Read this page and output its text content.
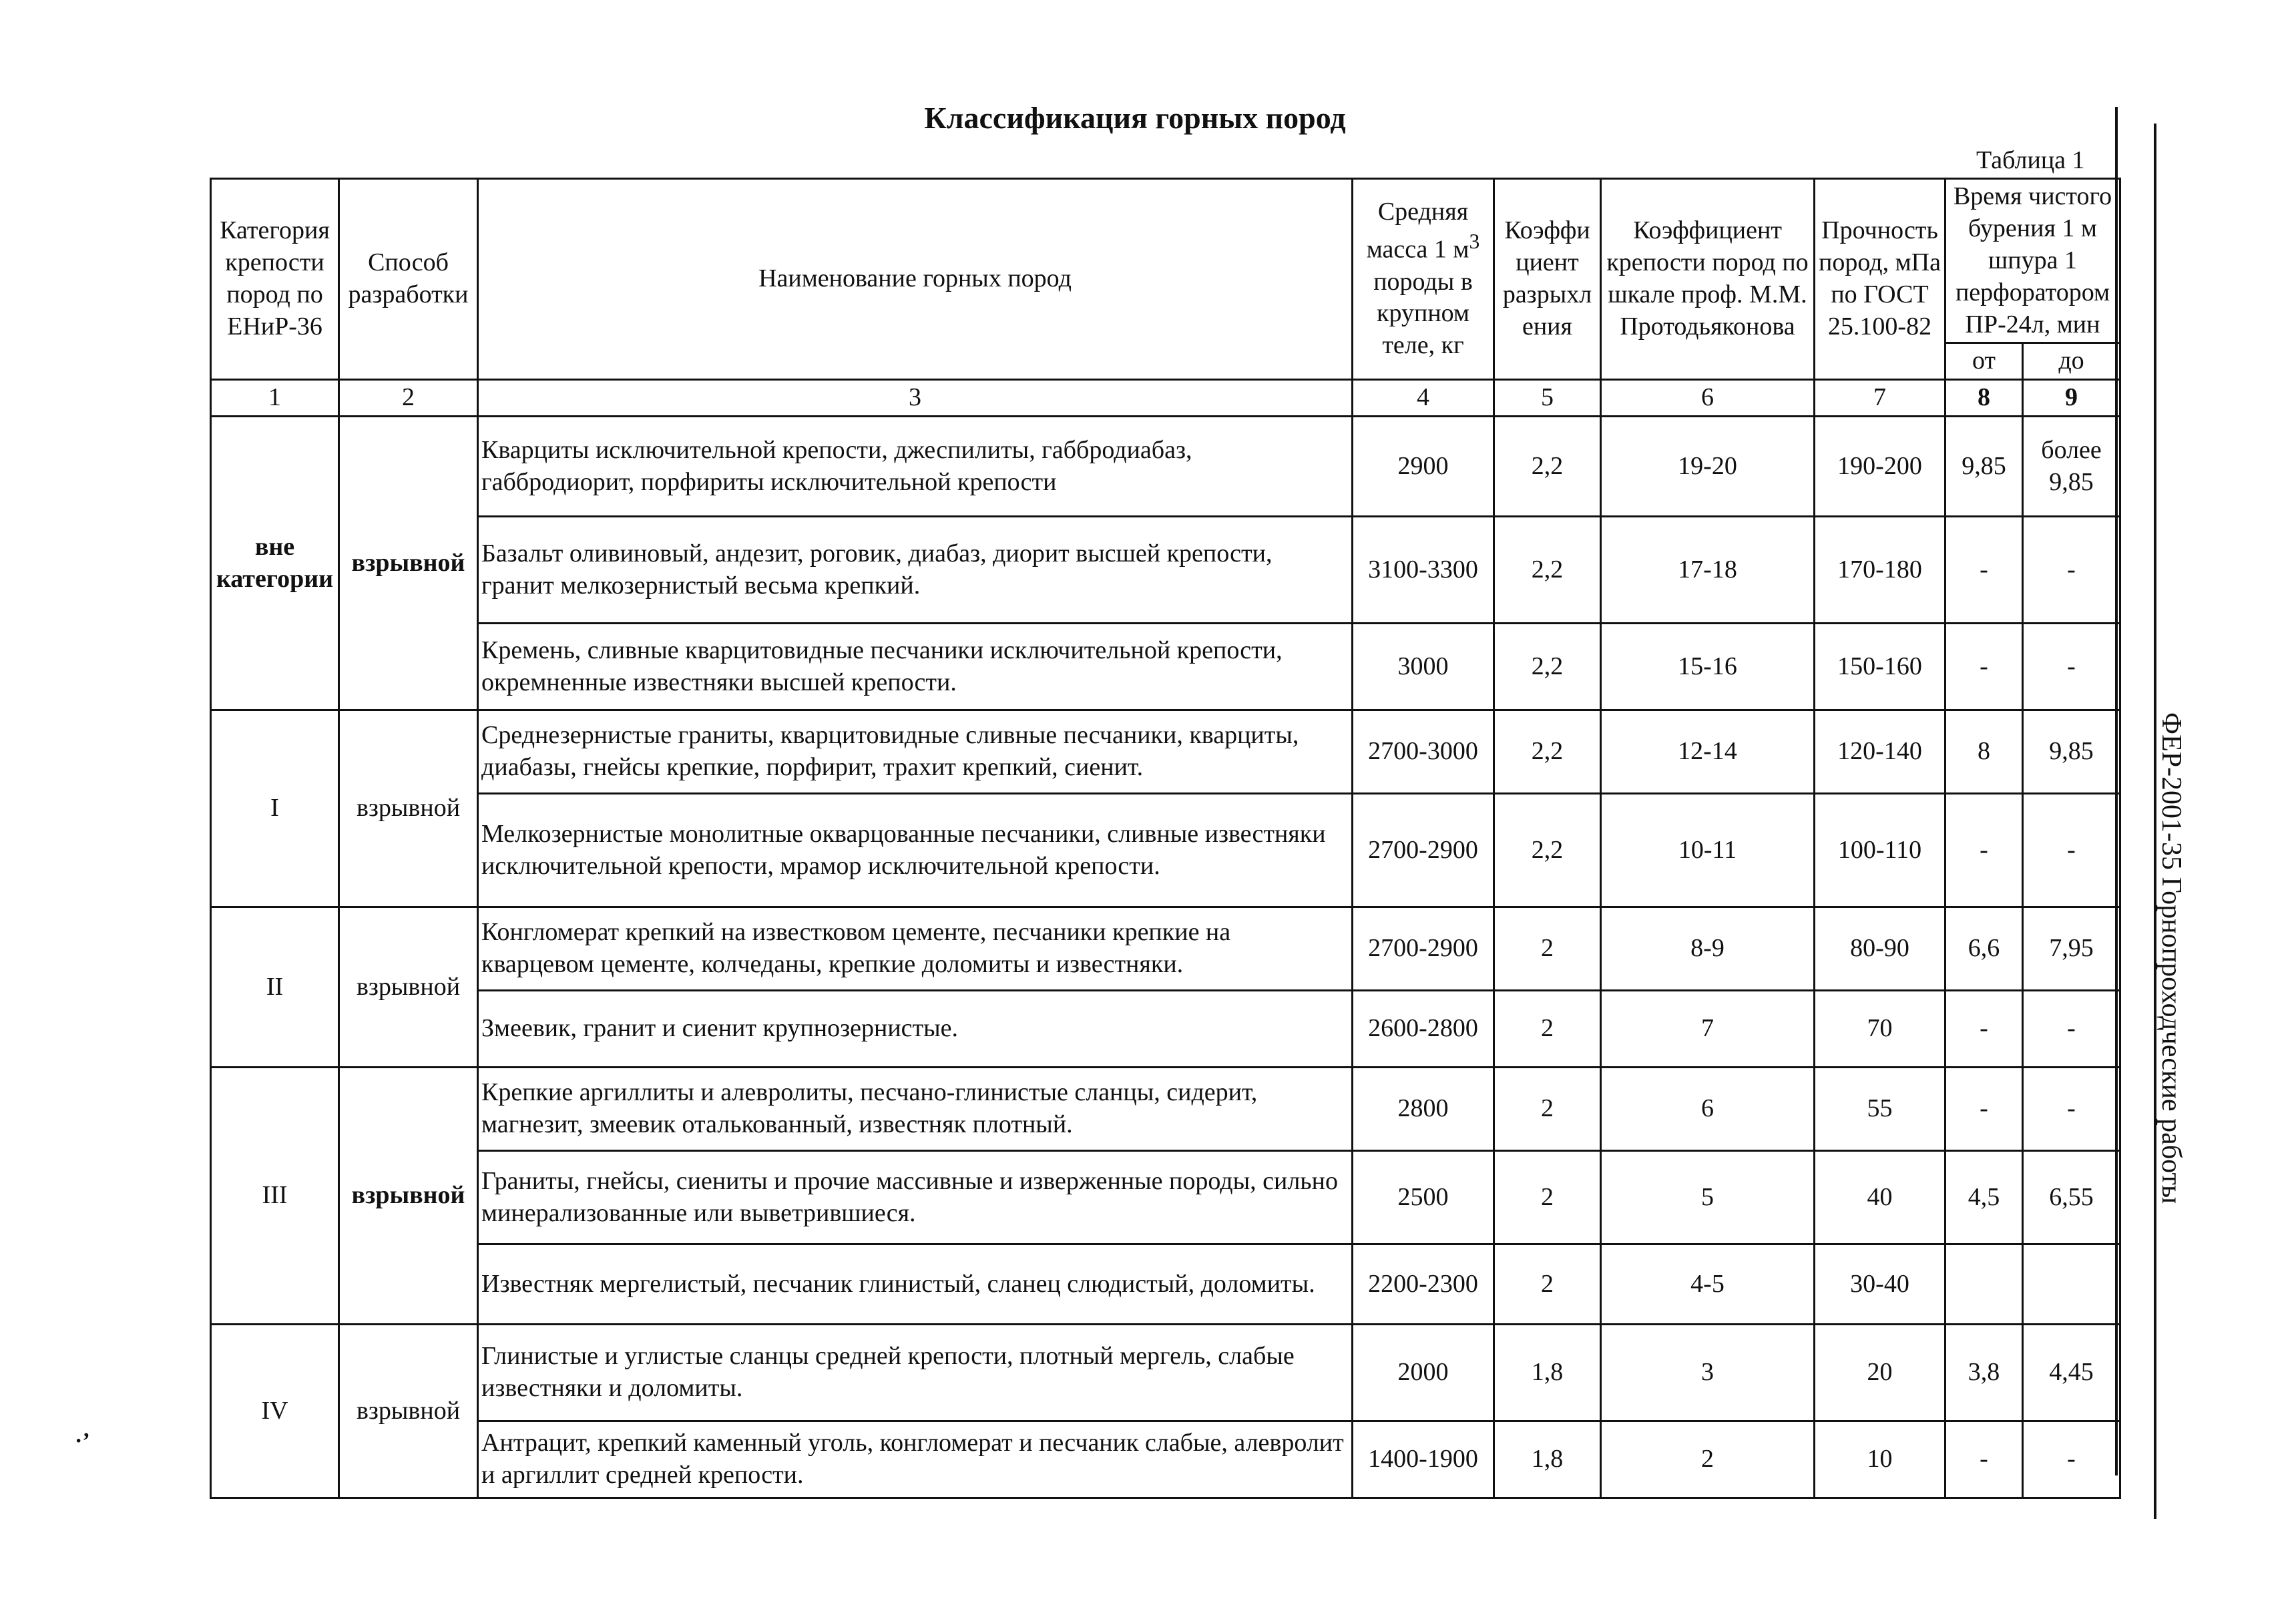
Классификация горных пород
Таблица 1
ФЕР-2001-35 Горнопроходческие работы
·ʼ
Категория крепости пород по ЕНиР-36	Способ разработки	Наименование горных пород	Средняя масса 1 $м^3$ породы в крупном теле, кг	Коэффи циент разрыхл ения	Коэффициент крепости пород по шкале проф. М.М. Протодьяконова	Прочность пород, мПа по ГОСТ 25.100-82	Время чистого бурения 1 м шпура 1 перфоратором ПР-24л, мин	
							от	до
1	2	3	4	5	6	7	8	9
вне категории	взрывной	Кварциты исключительной крепости, джеспилиты, габбродиабаз, габбродиорит, порфириты исключительной крепости	2900	2,2	19-20	190-200	9,85	более 9,85
		Базальт оливиновый, андезит, роговик, диабаз, диорит высшей крепости, гранит мелкозернистый весьма крепкий.	3100-3300	2,2	17-18	170-180	-	-
		Кремень, сливные кварцитовидные песчаники исключительной крепости, окремненные известняки высшей крепости.	3000	2,2	15-16	150-160	-	-
I	взрывной	Среднезернистые граниты, кварцитовидные сливные песчаники, кварциты, диабазы, гнейсы крепкие, порфирит, трахит крепкий, сиенит.	2700-3000	2,2	12-14	120-140	8	9,85
		Мелкозернистые монолитные окварцованные песчаники, сливные известняки исключительной крепости, мрамор исключительной крепости.	2700-2900	2,2	10-11	100-110	-	-
II	взрывной	Конгломерат крепкий на известковом цементе, песчаники крепкие на кварцевом цементе, колчеданы, крепкие доломиты и известняки.	2700-2900	2	8-9	80-90	6,6	7,95
		Змеевик, гранит и сиенит крупнозернистые.	2600-2800	2	7	70	-	-
III	взрывной	Крепкие аргиллиты и алевролиты, песчано-глинистые сланцы, сидерит, магнезит, змеевик отальковaнный, известняк плотный.	2800	2	6	55	-	-
		Граниты, гнейсы, сиениты и прочие массивные и изверженные породы, сильно минерализованные или выветрившиеся.	2500	2	5	40	4,5	6,55
		Известняк мергелистый, песчаник глинистый, сланец слюдистый, доломиты.	2200-2300	2	4-5	30-40		
IV	взрывной	Глинистые и углистые сланцы средней крепости, плотный мергель, слабые известняки и доломиты.	2000	1,8	3	20	3,8	4,45
		Антрацит, крепкий каменный уголь, конгломерат и песчаник слабые, алевролит и аргиллит средней крепости.	1400-1900	1,8	2	10	-	-
